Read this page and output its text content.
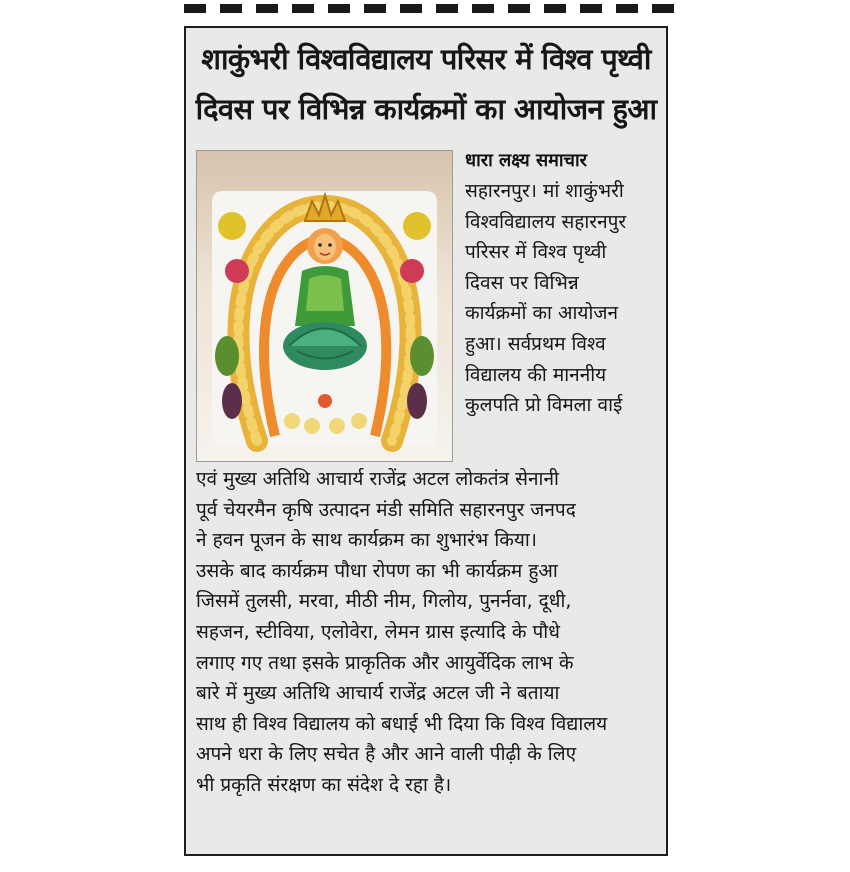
शाकुंभरी विश्वविद्यालय परिसर में विश्व पृथ्वी
दिवस पर विभिन्न कार्यक्रमों का आयोजन हुआ
धारा लक्ष्य समाचार
सहारनपुर। मां शाकुंभरी
विश्वविद्यालय सहारनपुर
परिसर में विश्व पृथ्वी
दिवस पर विभिन्न
कार्यक्रमों का आयोजन
हुआ। सर्वप्रथम विश्व
विद्यालय की माननीय
कुलपति प्रो विमला वाई
एवं मुख्य अतिथि आचार्य राजेंद्र अटल लोकतंत्र सेनानी
पूर्व चेयरमैन कृषि उत्पादन मंडी समिति सहारनपुर जनपद
ने हवन पूजन के साथ कार्यक्रम का शुभारंभ किया।
उसके बाद कार्यक्रम पौधा रोपण का भी कार्यक्रम हुआ
जिसमें तुलसी, मरवा, मीठी नीम, गिलोय, पुनर्नवा, दूधी,
सहजन, स्टीविया, एलोवेरा, लेमन ग्रास इत्यादि के पौधे
लगाए गए तथा इसके प्राकृतिक और आयुर्वेदिक लाभ के
बारे में मुख्य अतिथि आचार्य राजेंद्र अटल जी ने बताया
साथ ही विश्व विद्यालय को बधाई भी दिया कि विश्व विद्यालय
अपने धरा के लिए सचेत है और आने वाली पीढ़ी के लिए
भी प्रकृति संरक्षण का संदेश दे रहा है।
